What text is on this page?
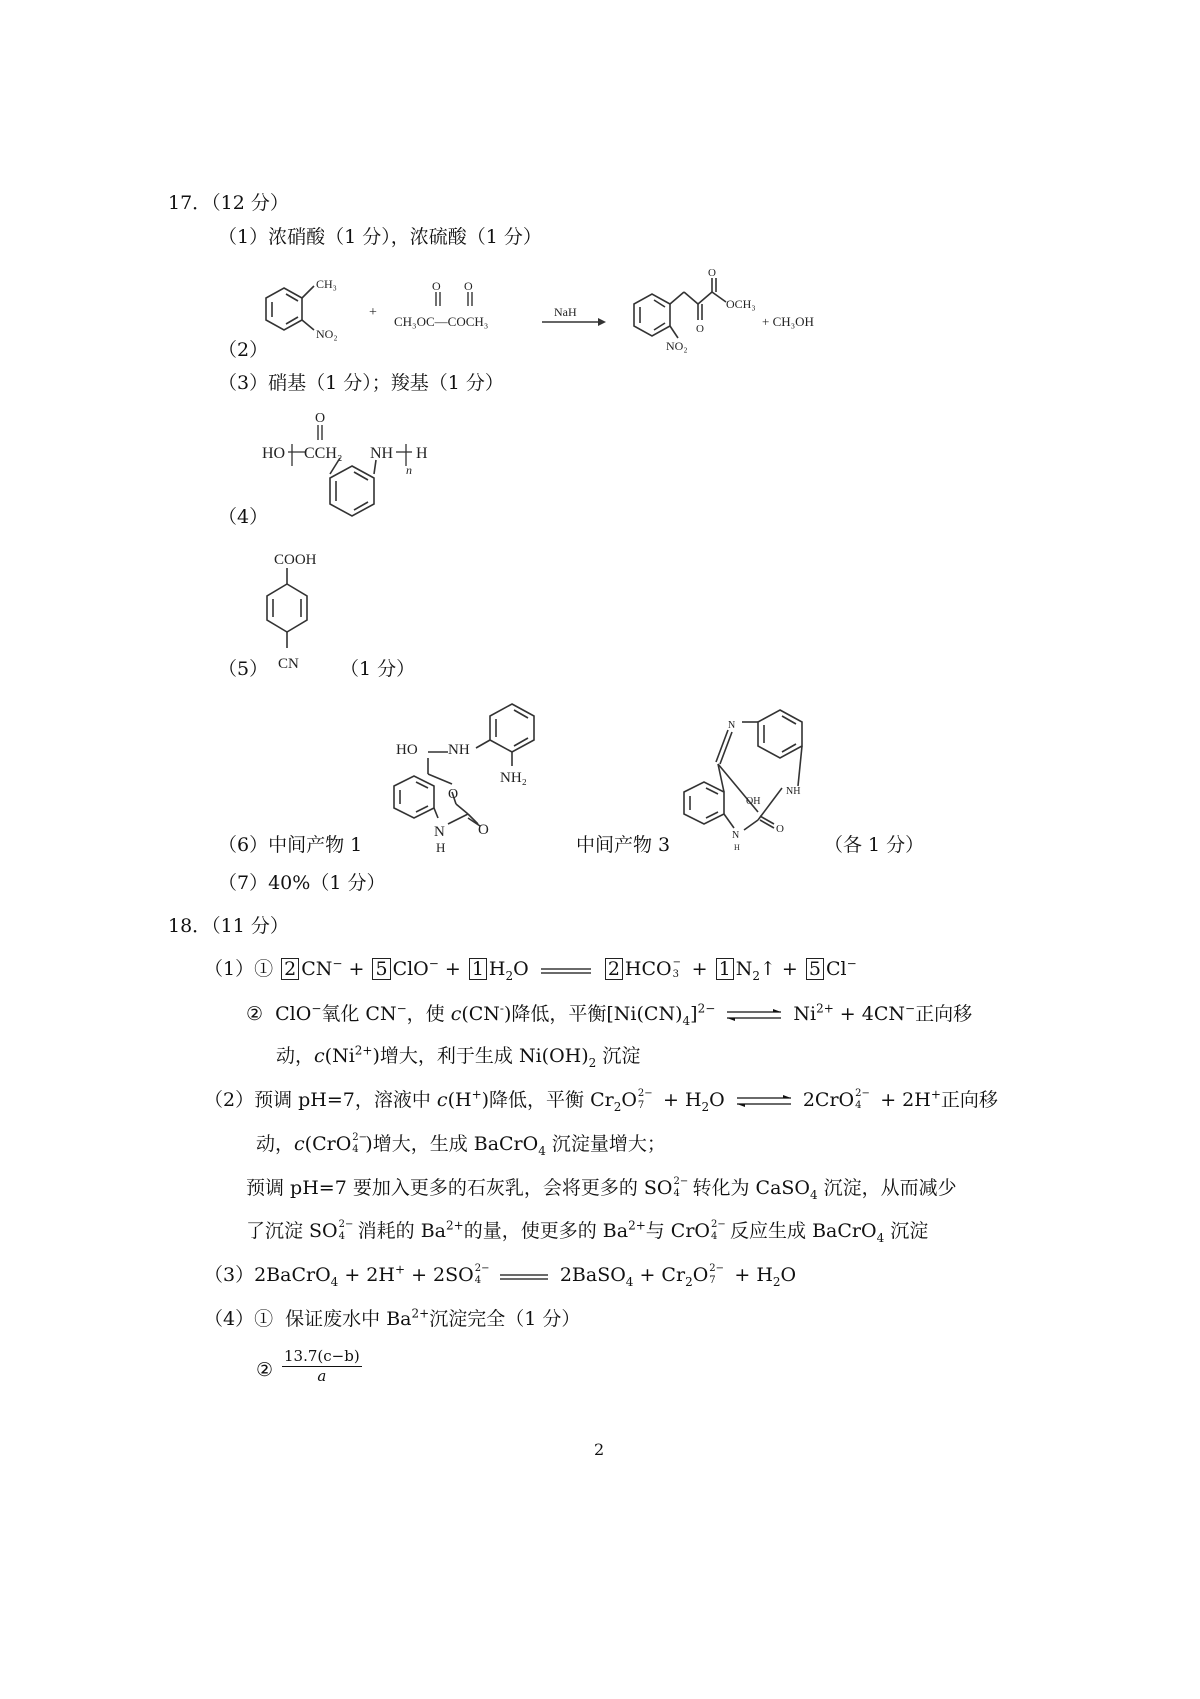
17．（12 分）
（1）浓硝酸（1 分），浓硫酸（1 分）
（2）
CH₃
NO₂
+
O O
CH₃OC—COCH₃
NaH
O
O
OCH₃
NO₂
+ CH₃OH
（3）硝基（1 分）；羧基（1 分）
（4）
O
HO CCH₂ NH H
n
（5）
COOH
CN （1 分）
（6）中间产物 1
NH
HO
NH₂
O
N
H
O
中间产物 3
N
NH
OH
N
H
O
（各 1 分）
（7）40%（1 分）
18．（11 分）
（1）① 2 CN− + 5 ClO− + 1 $H_2O$	2 HCO −
3 + 1 $N_2↑ + 5$ Cl−
②  ClO−氧化 CN−，使 c(CN-)降低，平衡$[Ni(CN)_4]^{2-}$	$Ni^{2+} + 4CN^-$正向移
动，$c(Ni^{2+})$增大，利于生成 $Ni(OH)_2$ 沉淀
（2）预调 pH=7，溶液中 c(H+)降低，平衡 $Cr_2O$ 2−
$7 + H_2O$	2CrO 2−
4 + 2H+正向移
动，c(CrO 2−
4 )增大，生成 BaCrO$_4$ 沉淀量增大；
预调 pH=7 要加入更多的石灰乳，会将更多的 SO 2−
4 转化为 CaSO$_4$ 沉淀，从而减少
了沉淀 SO 2−
4 消耗的 $Ba^{2+}$的量，使更多的 $Ba^{2+}$与 CrO 2−
4 反应生成 BaCrO$_4$ 沉淀
（3）2BaCrO$_4$ + 2H+ + 2SO 2−
4	2BaSO$_4$ + $Cr_2O$ 2−
$7 + H_2O$
（4）①  保证废水中 $Ba^{2+}$沉淀完全（1 分）
② $\frac{13.7(c-b)}{a}$
2
